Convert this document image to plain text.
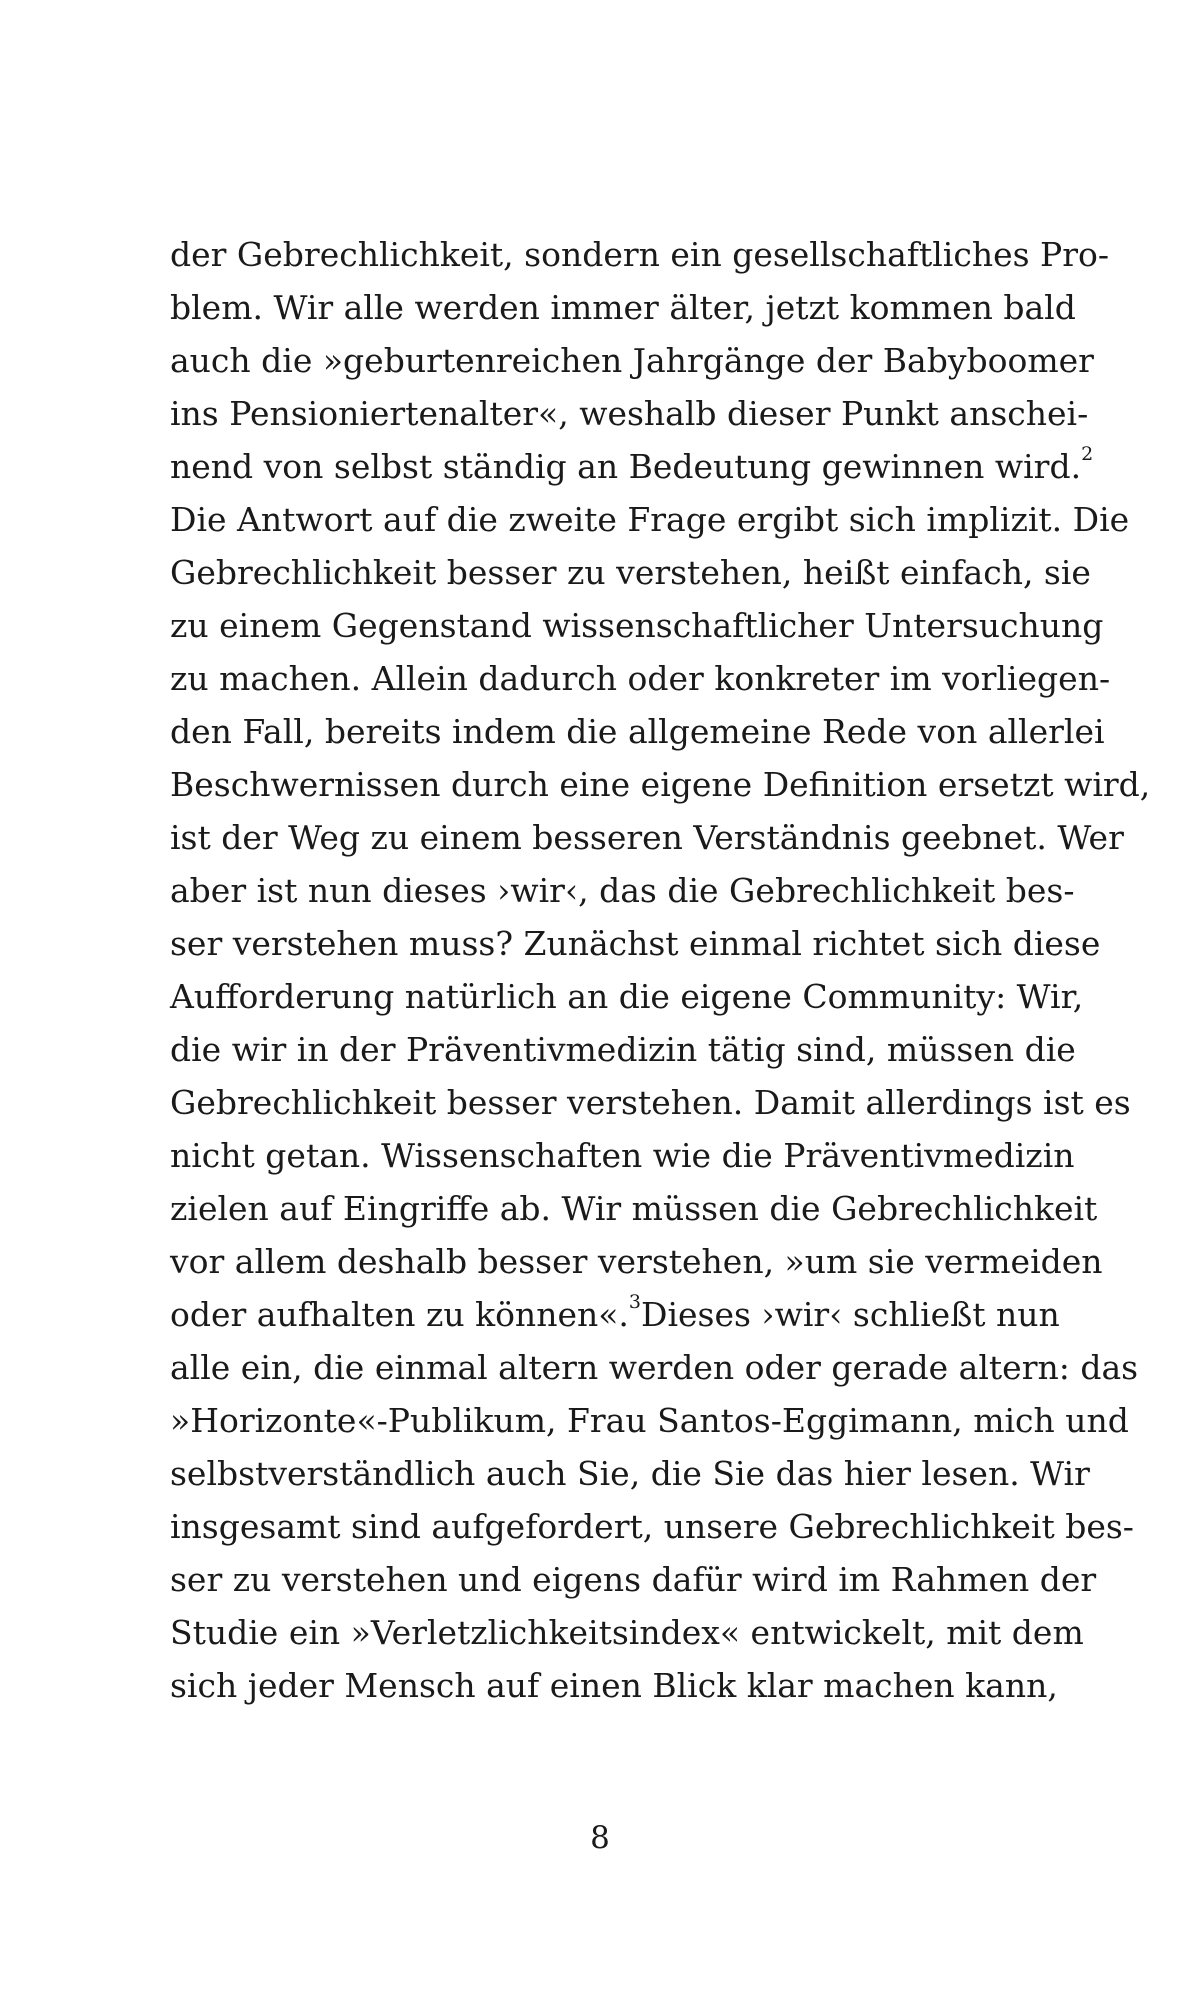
der Gebrechlichkeit, sondern ein gesellschaftliches Pro-
blem. Wir alle werden immer älter, jetzt kommen bald
auch die »geburtenreichen Jahrgänge der Babyboomer
ins Pensioniertenalter«, weshalb dieser Punkt anschei-
nend von selbst ständig an Bedeutung gewinnen wird.$^2$
Die Antwort auf die zweite Frage ergibt sich implizit. Die
Gebrechlichkeit besser zu verstehen, heißt einfach, sie
zu einem Gegenstand wissenschaftlicher Untersuchung
zu machen. Allein dadurch oder konkreter im vorliegen-
den Fall, bereits indem die allgemeine Rede von allerlei
Beschwernissen durch eine eigene Definition ersetzt wird,
ist der Weg zu einem besseren Verständnis geebnet. Wer
aber ist nun dieses ›wir‹, das die Gebrechlichkeit bes-
ser verstehen muss? Zunächst einmal richtet sich diese
Aufforderung natürlich an die eigene Community: Wir,
die wir in der Präventivmedizin tätig sind, müssen die
Gebrechlichkeit besser verstehen. Damit allerdings ist es
nicht getan. Wissenschaften wie die Präventivmedizin
zielen auf Eingriffe ab. Wir müssen die Gebrechlichkeit
vor allem deshalb besser verstehen, »um sie vermeiden
oder aufhalten zu können«.$^3$ Dieses ›wir‹ schließt nun
alle ein, die einmal altern werden oder gerade altern: das
»Horizonte«-Publikum, Frau Santos-Eggimann, mich und
selbstverständlich auch Sie, die Sie das hier lesen. Wir
insgesamt sind aufgefordert, unsere Gebrechlichkeit bes-
ser zu verstehen und eigens dafür wird im Rahmen der
Studie ein »Verletzlichkeitsindex« entwickelt, mit dem
sich jeder Mensch auf einen Blick klar machen kann,
8
